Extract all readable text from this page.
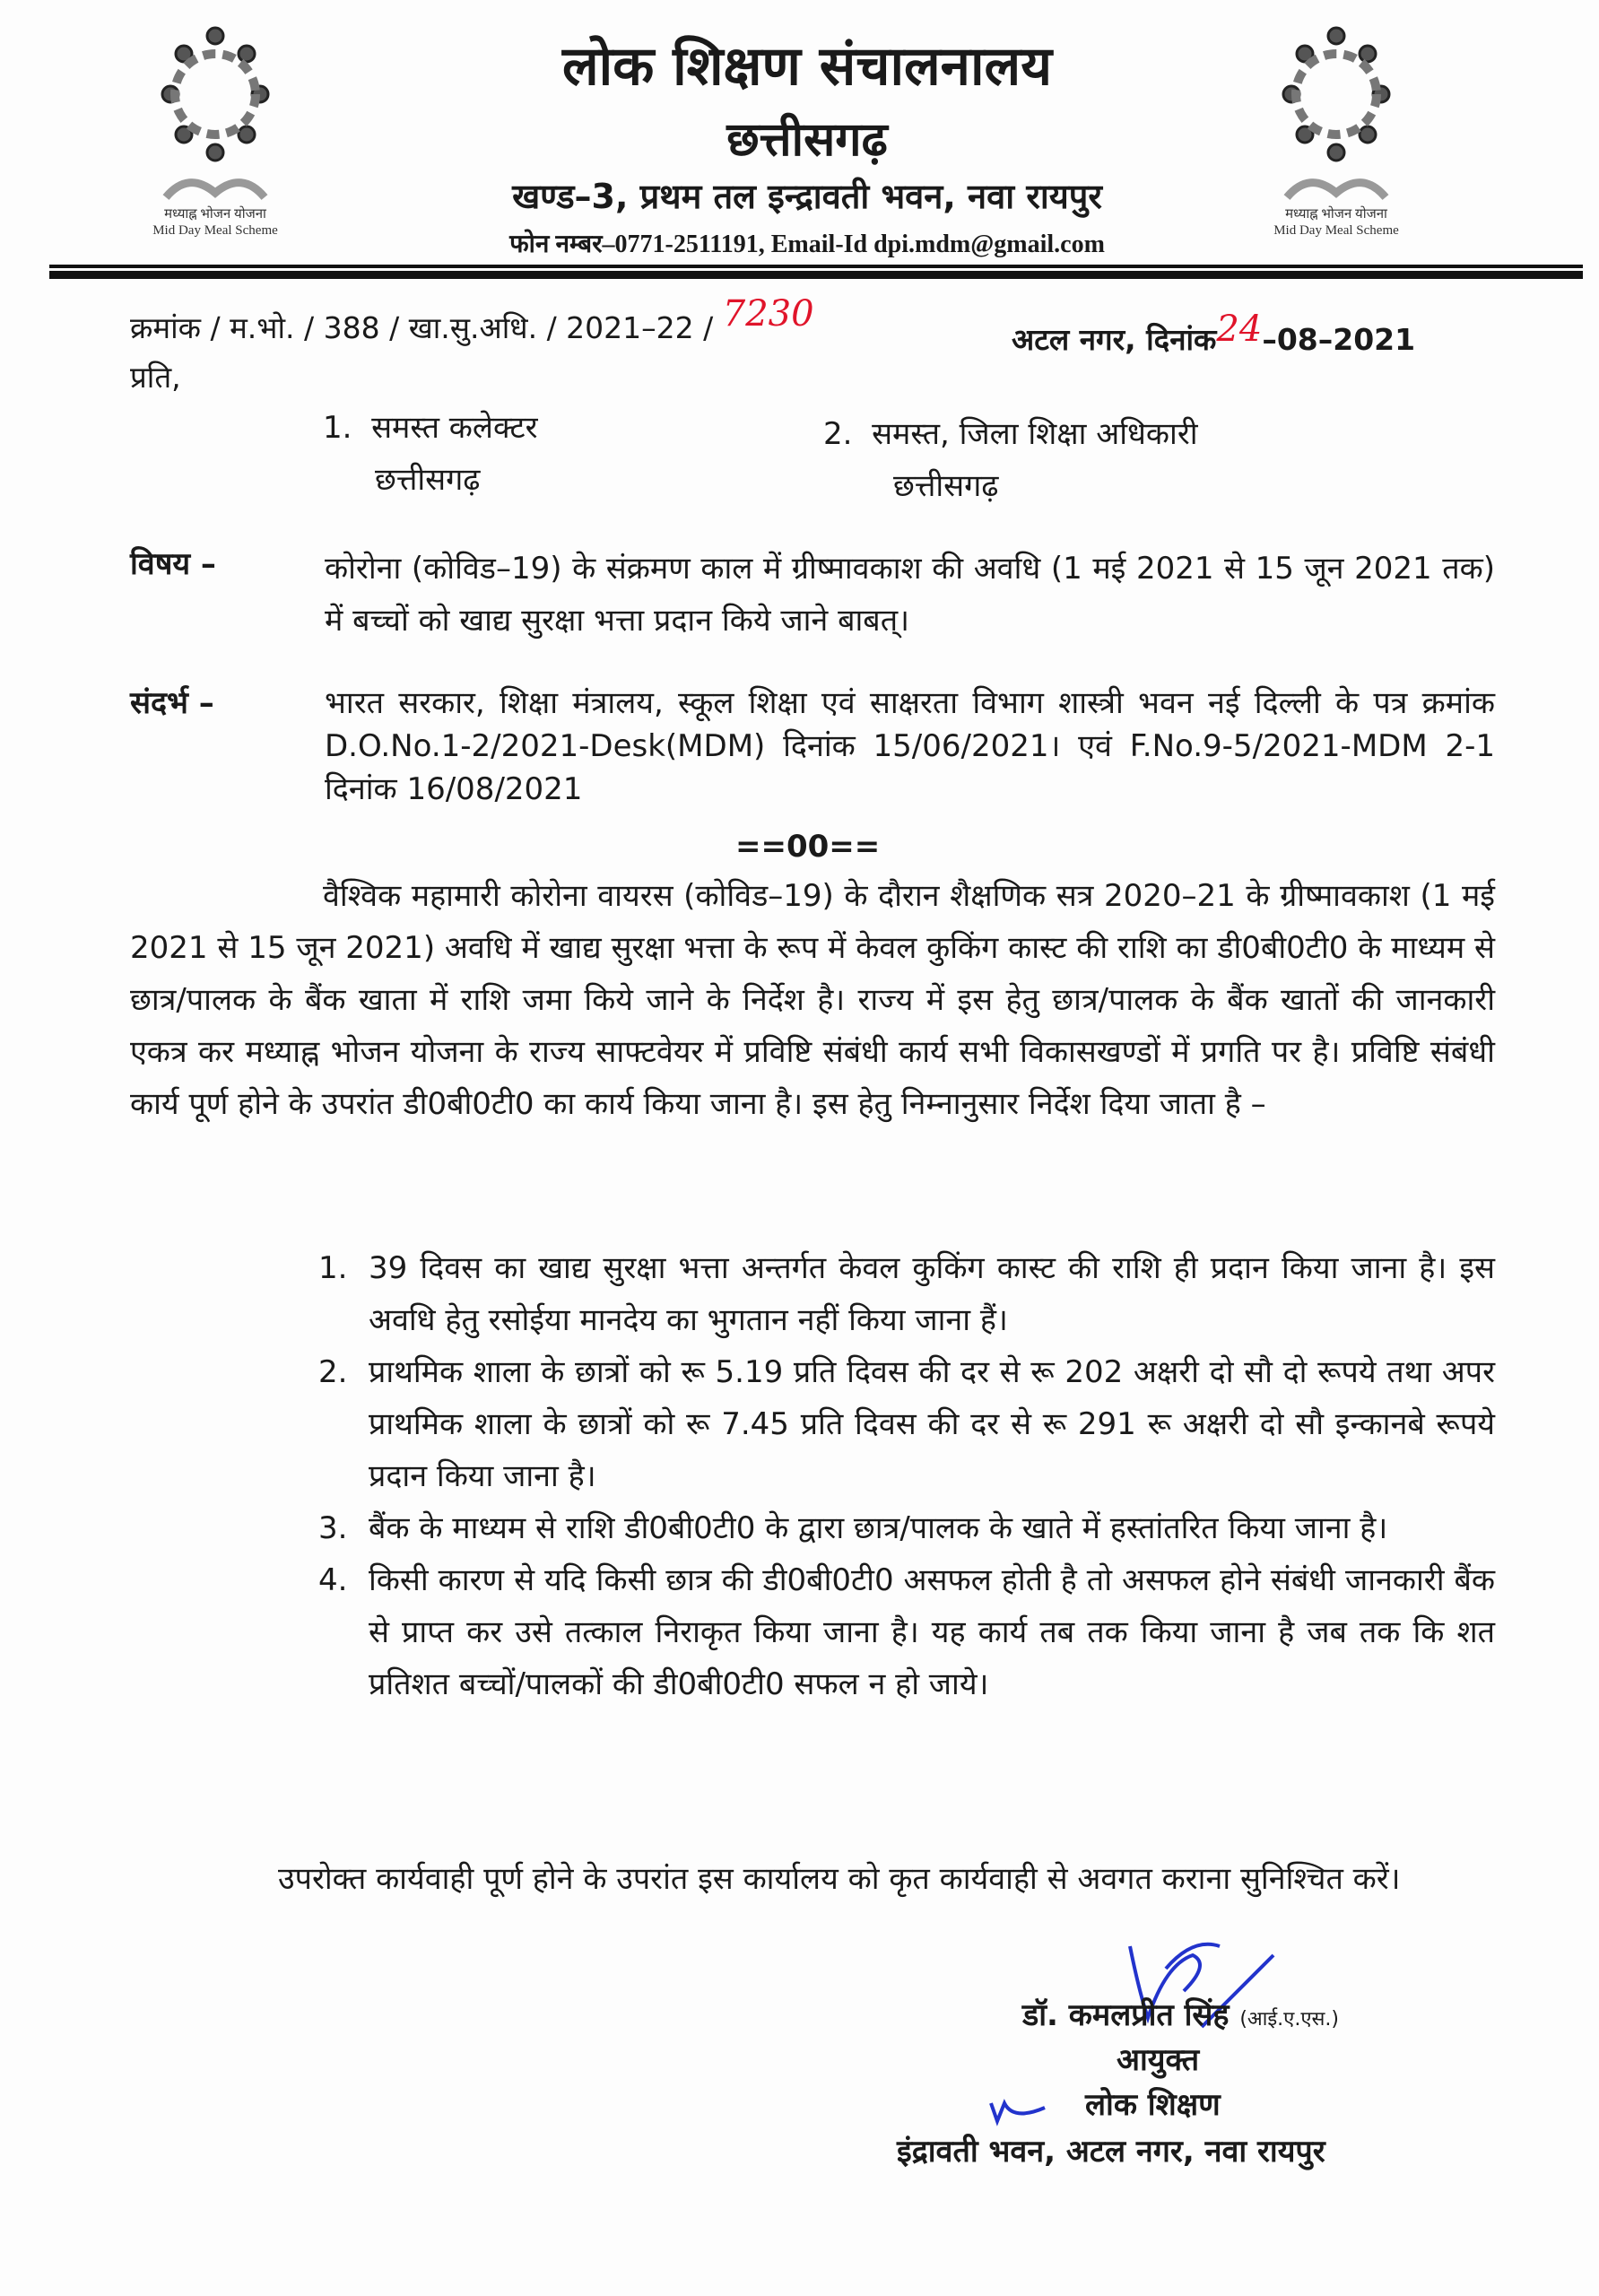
मध्याह्न भोजन योजना
Mid Day Meal Scheme
मध्याह्न भोजन योजना
Mid Day Meal Scheme
लोक शिक्षण संचालनालय
छत्तीसगढ़
खण्ड–3, प्रथम तल इन्द्रावती भवन, नवा रायपुर
फोन नम्बर–0771-2511191, Email-Id dpi.mdm@gmail.com
क्रमांक / म.भो. / 388 / खा.सु.अधि. / 2021–22 / 7230
अटल नगर, दिनांक24–08–2021
प्रति,
1. समस्त कलेक्टर
छत्तीसगढ़
2. समस्त, जिला शिक्षा अधिकारी
छत्तीसगढ़
विषय –	कोरोना (कोविड–19) के संक्रमण काल में ग्रीष्मावकाश की अवधि (1 मई 2021 से 15 जून 2021 तक) में बच्चों को खाद्य सुरक्षा भत्ता प्रदान किये जाने बाबत्।
संदर्भ –	भारत सरकार, शिक्षा मंत्रालय, स्कूल शिक्षा एवं साक्षरता विभाग शास्त्री भवन नई दिल्ली के पत्र क्रमांक D.O.No.1-2/2021-Desk(MDM) दिनांक 15/06/2021। एवं F.No.9-5/2021-MDM 2-1 दिनांक 16/08/2021
==00==
वैश्विक महामारी कोरोना वायरस (कोविड–19) के दौरान शैक्षणिक सत्र 2020–21 के ग्रीष्मावकाश (1 मई 2021 से 15 जून 2021) अवधि में खाद्य सुरक्षा भत्ता के रूप में केवल कुकिंग कास्ट की राशि का डी0बी0टी0 के माध्यम से छात्र/पालक के बैंक खाता में राशि जमा किये जाने के निर्देश है। राज्य में इस हेतु छात्र/पालक के बैंक खातों की जानकारी एकत्र कर मध्याह्न भोजन योजना के राज्य साफ्टवेयर में प्रविष्टि संबंधी कार्य सभी विकासखण्डों में प्रगति पर है। प्रविष्टि संबंधी कार्य पूर्ण होने के उपरांत डी0बी0टी0 का कार्य किया जाना है। इस हेतु निम्नानुसार निर्देश दिया जाता है –
1. 39 दिवस का खाद्य सुरक्षा भत्ता अन्तर्गत केवल कुकिंग कास्ट की राशि ही प्रदान किया जाना है। इस अवधि हेतु रसोईया मानदेय का भुगतान नहीं किया जाना हैं।
2. प्राथमिक शाला के छात्रों को रू 5.19 प्रति दिवस की दर से रू 202 अक्षरी दो सौ दो रूपये तथा अपर प्राथमिक शाला के छात्रों को रू 7.45 प्रति दिवस की दर से रू 291 रू अक्षरी दो सौ इन्कानबे रूपये प्रदान किया जाना है।
3. बैंक के माध्यम से राशि डी0बी0टी0 के द्वारा छात्र/पालक के खाते में हस्तांतरित किया जाना है।
4. किसी कारण से यदि किसी छात्र की डी0बी0टी0 असफल होती है तो असफल होने संबंधी जानकारी बैंक से प्राप्त कर उसे तत्काल निराकृत किया जाना है। यह कार्य तब तक किया जाना है जब तक कि शत प्रतिशत बच्चों/पालकों की डी0बी0टी0 सफल न हो जाये।
उपरोक्त कार्यवाही पूर्ण होने के उपरांत इस कार्यालय को कृत कार्यवाही से अवगत कराना सुनिश्चित करें।
डॉ. कमलप्रीत सिंह (आई.ए.एस.)
आयुक्त
लोक शिक्षण
इंद्रावती भवन, अटल नगर, नवा रायपुर
